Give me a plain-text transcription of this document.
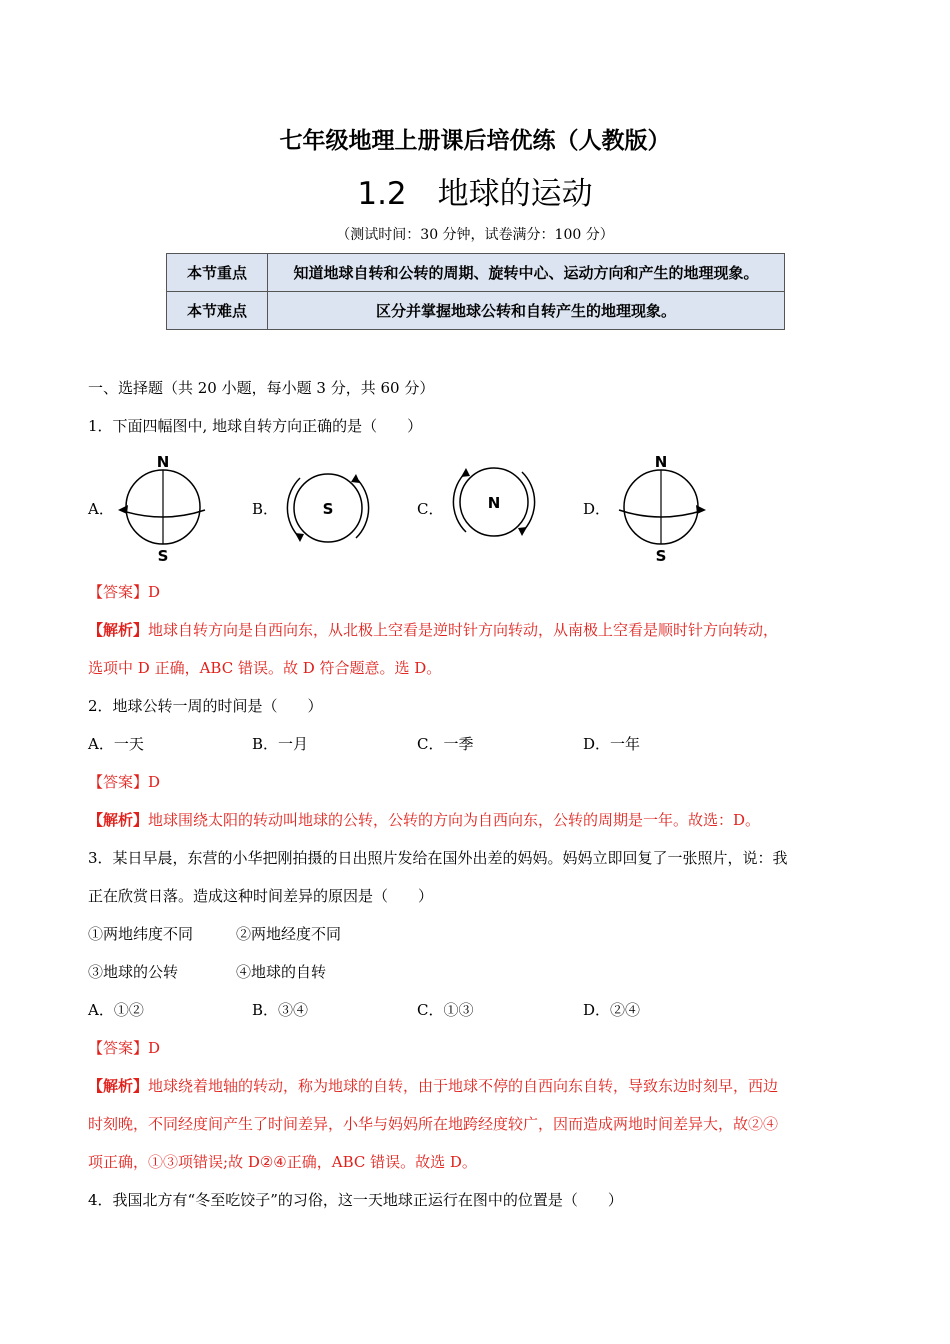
七年级地理上册课后培优练（人教版）
1.2　地球的运动
（测试时间：30 分钟，试卷满分：100 分）
本节重点	知道地球自转和公转的周期、旋转中心、运动方向和产生的地理现象。
本节难点	区分并掌握地球公转和自转产生的地理现象。
一、选择题（共 20 小题，每小题 3 分，共 60 分）
1．下面四幅图中, 地球自转方向正确的是（　　）
A．
N
S
B．	S	C．	N	D．
N
S
【答案】D
【解析】地球自转方向是自西向东，从北极上空看是逆时针方向转动，从南极上空看是顺时针方向转动，
选项中 D 正确，ABC 错误。故 D 符合题意。选 D。
2．地球公转一周的时间是（　　）
A．一天	B．一月	C．一季	D．一年
【答案】D
【解析】地球围绕太阳的转动叫地球的公转，公转的方向为自西向东，公转的周期是一年。故选：D。
3．某日早晨，东营的小华把刚拍摄的日出照片发给在国外出差的妈妈。妈妈立即回复了一张照片，说：我
正在欣赏日落。造成这种时间差异的原因是（　　）
①两地纬度不同	②两地经度不同
③地球的公转	④地球的自转
A．①②	B．③④	C．①③	D．②④
【答案】D
【解析】地球绕着地轴的转动，称为地球的自转，由于地球不停的自西向东自转，导致东边时刻早，西边
时刻晚，不同经度间产生了时间差异，小华与妈妈所在地跨经度较广，因而造成两地时间差异大，故②④
项正确，①③项错误;故 D②④正确，ABC 错误。故选 D。
4．我国北方有“冬至吃饺子”的习俗，这一天地球正运行在图中的位置是（　　）
